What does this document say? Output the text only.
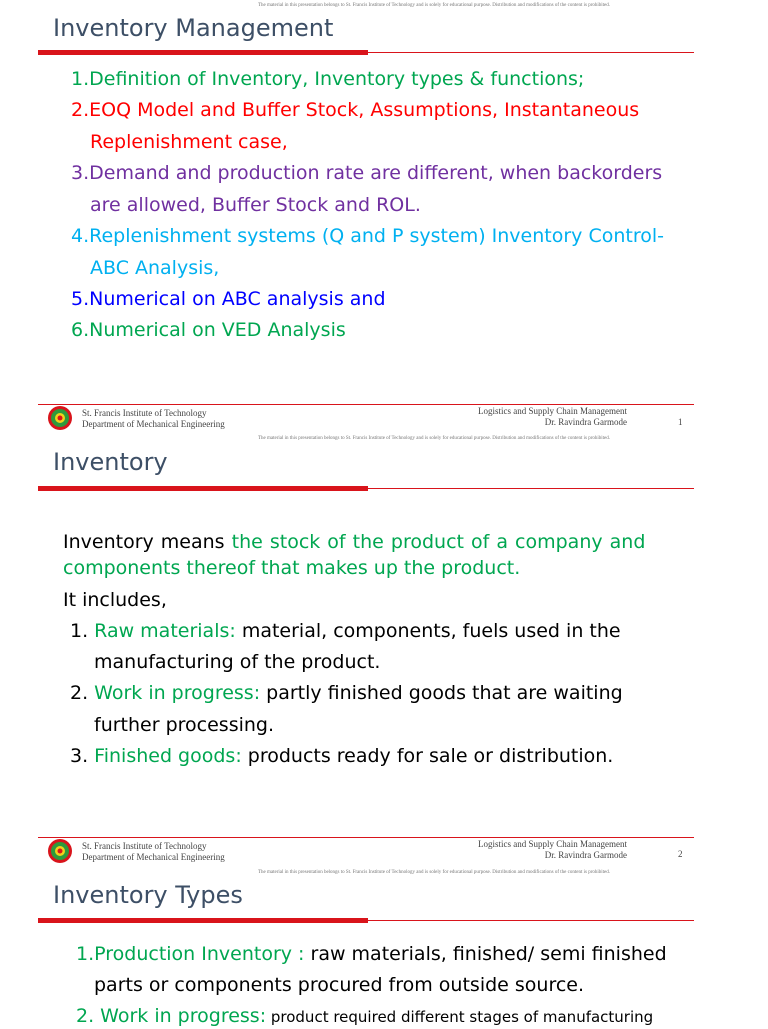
The material in this presentation belongs to St. Francis Institute of Technology and is solely for educational purpose. Distribution and modifications of the content is prohibited.
Inventory Management
1.Definition of Inventory, Inventory types & functions;
2.EOQ Model and Buffer Stock, Assumptions, Instantaneous
Replenishment case,
3.Demand and production rate are different, when backorders
are allowed, Buffer Stock and ROL.
4.Replenishment systems (Q and P system) Inventory Control-
ABC Analysis,
5.Numerical on ABC analysis and
6.Numerical on VED Analysis
St. Francis Institute of Technology
Department of Mechanical Engineering
Logistics and Supply Chain Management
Dr. Ravindra Garmode	1
The material in this presentation belongs to St. Francis Institute of Technology and is solely for educational purpose. Distribution and modifications of the content is prohibited.
Inventory
Inventory means the stock of the product of a company and
components thereof that makes up the product.
It includes,
1. Raw materials: material, components, fuels used in the
manufacturing of the product.
2. Work in progress: partly finished goods that are waiting
further processing.
3. Finished goods: products ready for sale or distribution.
St. Francis Institute of Technology
Department of Mechanical Engineering
Logistics and Supply Chain Management
Dr. Ravindra Garmode	2
The material in this presentation belongs to St. Francis Institute of Technology and is solely for educational purpose. Distribution and modifications of the content is prohibited.
Inventory Types
1.Production Inventory : raw materials, finished/ semi finished
parts or components procured from outside source.
2. Work in progress: product required different stages of manufacturing
